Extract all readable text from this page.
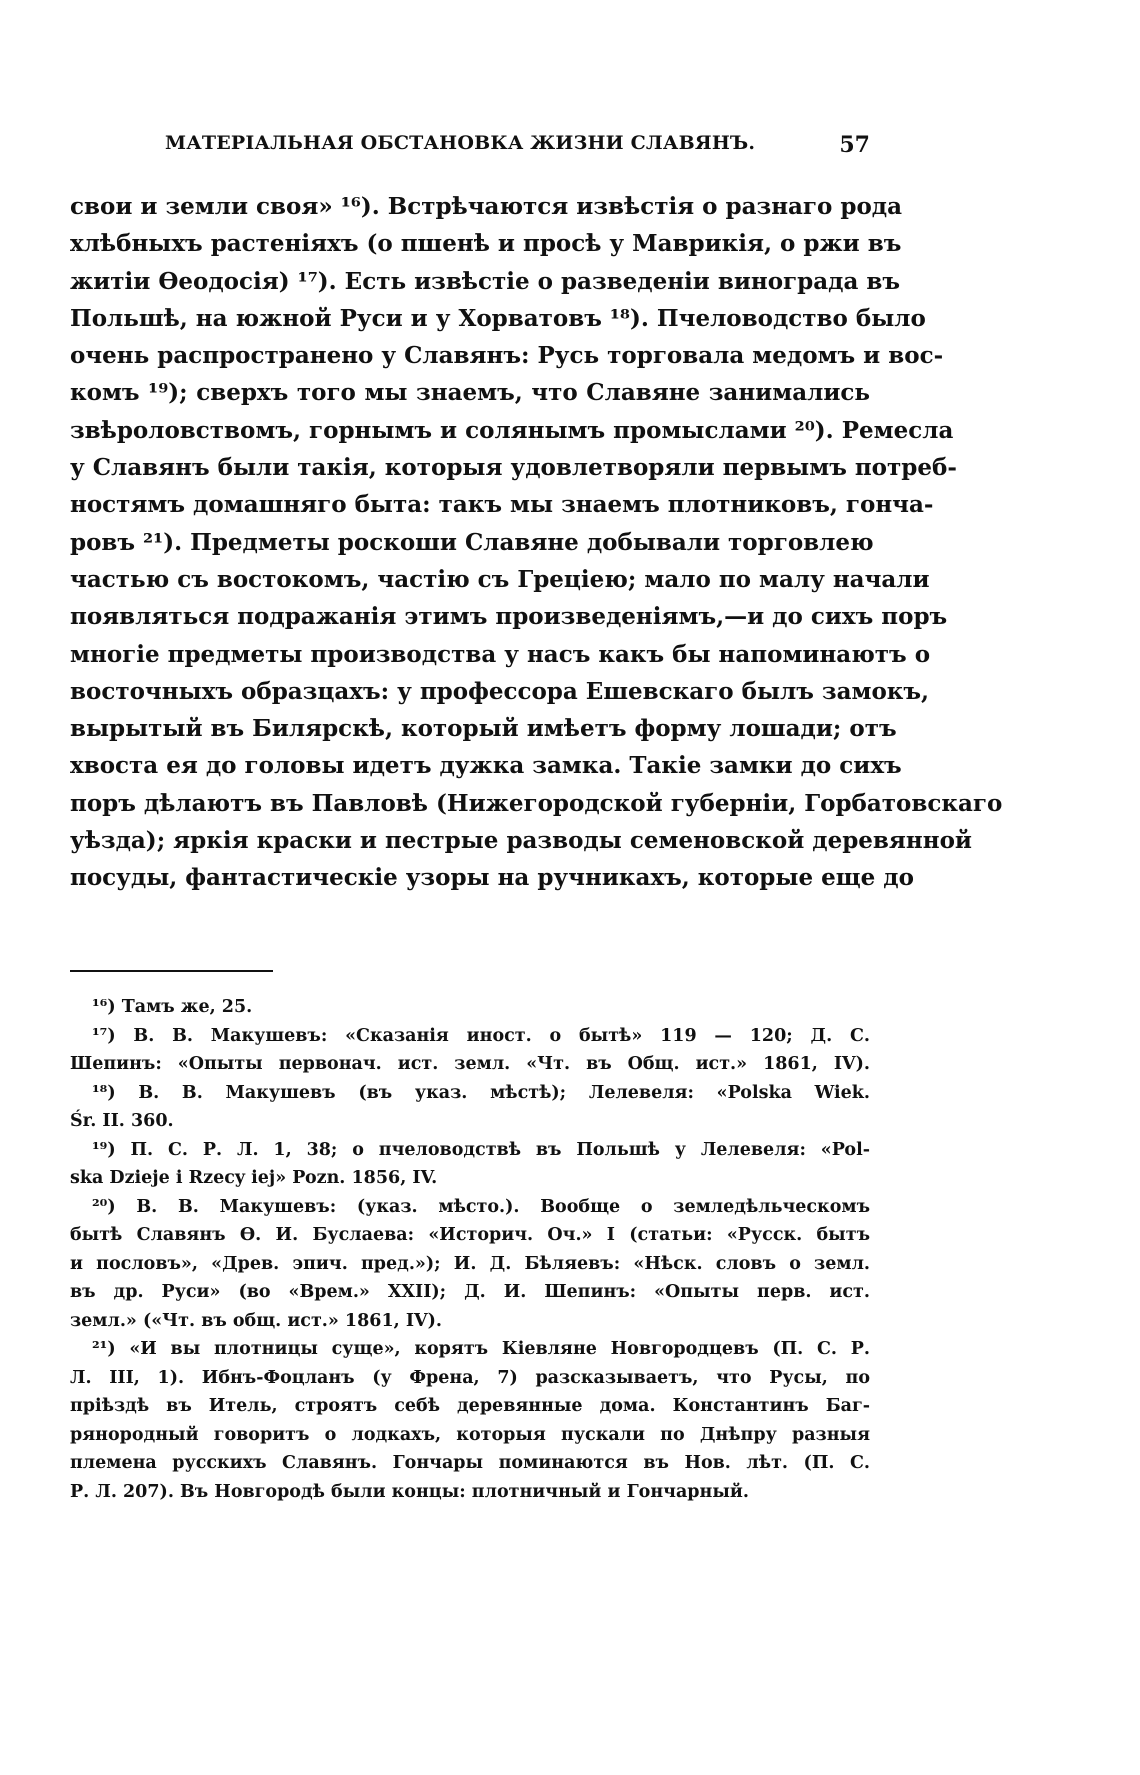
МАТЕРІАЛЬНАЯ ОБСТАНОВКА ЖИЗНИ СЛАВЯНЪ.	57
свои и земли своя» ¹⁶). Встрѣчаются извѣстія о разнаго рода
хлѣбныхъ растеніяхъ (о пшенѣ и просѣ у Маврикія, о ржи въ
житіи Ѳеодосія) ¹⁷). Есть извѣстіе о разведеніи винограда въ
Польшѣ, на южной Руси и у Хорватовъ ¹⁸). Пчеловодство было
очень распространено у Славянъ: Русь торговала медомъ и вос-
комъ ¹⁹); сверхъ того мы знаемъ, что Славяне занимались
звѣроловствомъ, горнымъ и солянымъ промыслами ²⁰). Ремесла
у Славянъ были такія, которыя удовлетворяли первымъ потреб-
ностямъ домашняго быта: такъ мы знаемъ плотниковъ, гонча-
ровъ ²¹). Предметы роскоши Славяне добывали торговлею
частью съ востокомъ, частію съ Греціею; мало по малу начали
появляться подражанія этимъ произведеніямъ,—и до сихъ поръ
многіе предметы производства у насъ какъ бы напоминаютъ о
восточныхъ образцахъ: у профессора Ешевскаго былъ замокъ,
вырытый въ Билярскѣ, который имѣетъ форму лошади; отъ
хвоста ея до головы идетъ дужка замка. Такіе замки до сихъ
поръ дѣлаютъ въ Павловѣ (Нижегородской губерніи, Горбатовскаго
уѣзда); яркія краски и пестрые разводы семеновской деревянной
посуды, фантастическіе узоры на ручникахъ, которые еще до
¹⁶) Тамъ же, 25.
¹⁷) В. В. Макушевъ: «Сказанія иност. о бытѣ» 119 — 120; Д. С.
Шепинъ: «Опыты первонач. ист. земл. «Чт. въ Общ. ист.» 1861, IV).
¹⁸) В. В. Макушевъ (въ указ. мѣстѣ); Лелевеля: «Polska Wiek.
Śr. II. 360.
¹⁹) П. С. Р. Л. 1, 38; о пчеловодствѣ въ Польшѣ у Лелевеля: «Pol-
ska Dzieje i Rzecy iej» Pozn. 1856, IV.
²⁰) В. В. Макушевъ: (указ. мѣсто.). Вообще о земледѣльческомъ
бытѣ Славянъ Ѳ. И. Буслаева: «Историч. Оч.» I (статьи: «Русск. бытъ
и пословъ», «Древ. эпич. пред.»); И. Д. Бѣляевъ: «Нѣск. словъ о земл.
въ др. Руси» (во «Врем.» XXII); Д. И. Шепинъ: «Опыты перв. ист.
земл.» («Чт. въ общ. ист.» 1861, IV).
²¹) «И вы плотницы суще», корятъ Кіевляне Новгородцевъ (П. С. Р.
Л. III, 1). Ибнъ-Фоцланъ (у Френа, 7) разсказываетъ, что Русы, по
пріѣздѣ въ Итель, строятъ себѣ деревянные дома. Константинъ Баг-
рянородный говоритъ о лодкахъ, которыя пускали по Днѣпру разныя
племена русскихъ Славянъ. Гончары поминаются въ Нов. лѣт. (П. С.
Р. Л. 207). Въ Новгородѣ были концы: плотничный и Гончарный.
